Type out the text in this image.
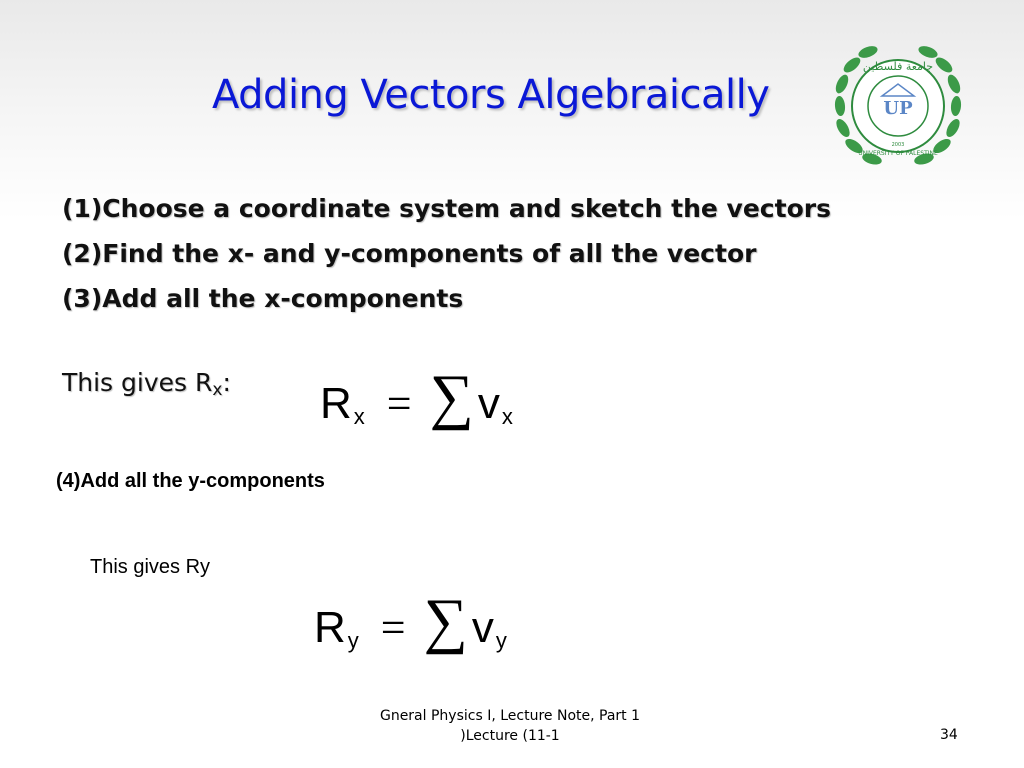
Adding Vectors Algebraically
جامعة فلسطين
UNIVERSITY OF PALESTINE
2003
UP
(1)Choose a coordinate system and sketch the vectors
(2)Find the x- and y-components of all the vector
(3)Add all the x-components
This gives $R_x$: R x = ∑ v x
(4)Add all the y-components
This gives Ry
R y = ∑ v y
Gneral Physics I, Lecture Note, Part 1
)Lecture (11-1	34
